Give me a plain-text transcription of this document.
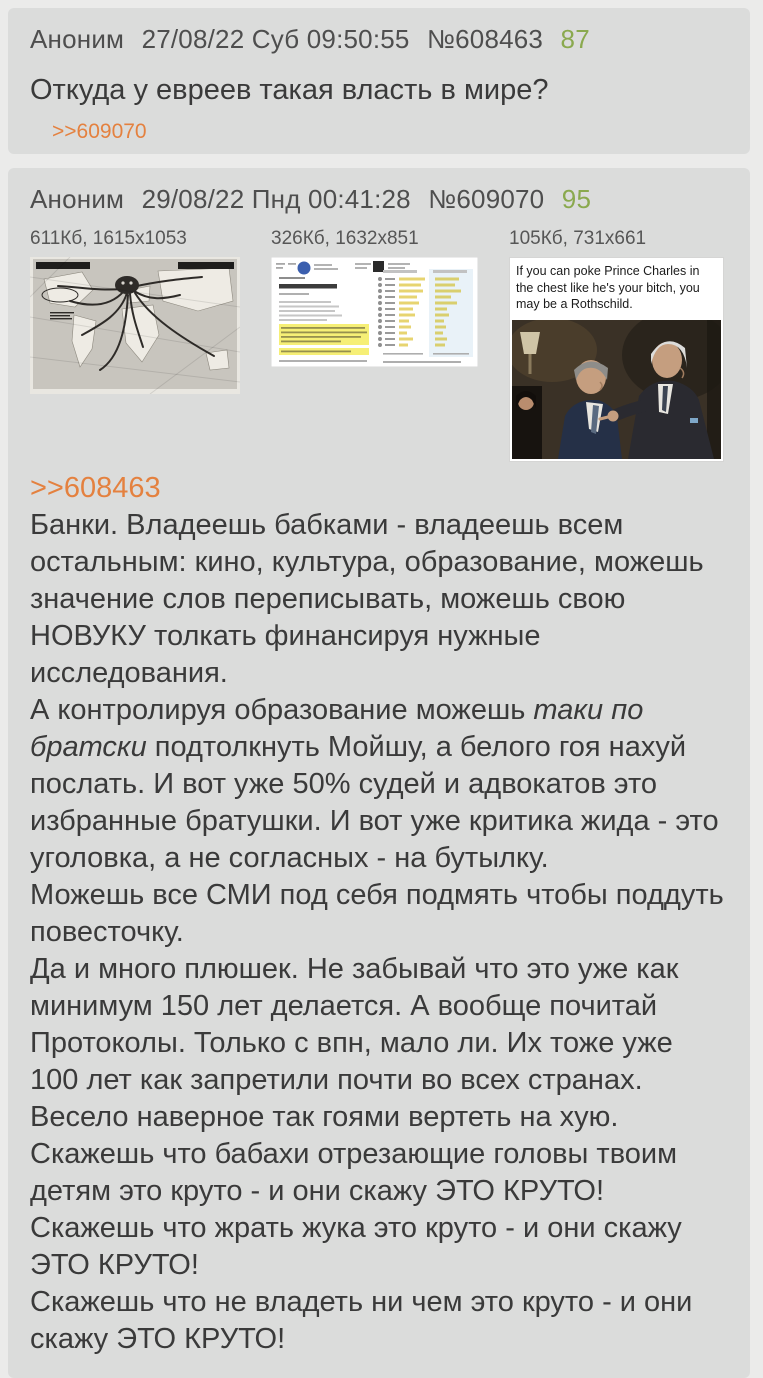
Аноним 27/08/22 Суб 09:50:55 №608463 87
Откуда у евреев такая власть в мире?
>>609070
Аноним 29/08/22 Пнд 00:41:28 №609070 95
611Кб, 1615x1053	326Кб, 1632x851	105Кб, 731x661
If you can poke Prince Charles in the chest like he's your bitch, you may be a Rothschild.
>>608463
Банки. Владеешь бабками - владеешь всем остальным: кино, культура, образование, можешь значение слов переписывать, можешь свою НОВУКУ толкать финансируя нужные исследования.
А контролируя образование можешь таки по братски подтолкнуть Мойшу, а белого гоя нахуй послать. И вот уже 50% судей и адвокатов это избранные братушки. И вот уже критика жида - это уголовка, а не согласных - на бутылку.
Можешь все СМИ под себя подмять чтобы поддуть повесточку.
Да и много плюшек. Не забывай что это уже как минимум 150 лет делается. А вообще почитай Протоколы. Только с впн, мало ли. Их тоже уже 100 лет как запретили почти во всех странах.
Весело наверное так гоями вертеть на хую. Скажешь что бабахи отрезающие головы твоим детям это круто - и они скажу ЭТО КРУТО!
Скажешь что жрать жука это круто - и они скажу ЭТО КРУТО!
Скажешь что не владеть ни чем это круто - и они скажу ЭТО КРУТО!
